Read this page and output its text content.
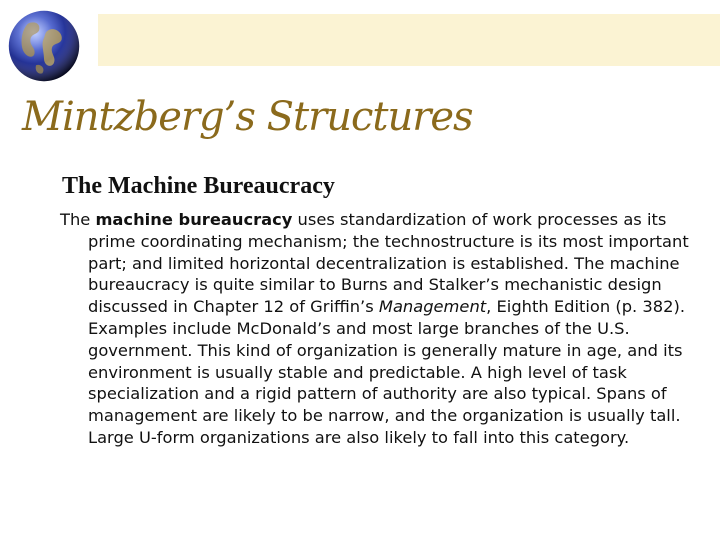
Mintzberg’s Structures
The Machine Bureaucracy

The machine bureaucracy uses standardization of work processes as its prime coordinating mechanism; the technostructure is its most important part; and limited horizontal decentralization is established. The machine bureaucracy is quite similar to Burns and Stalker’s mechanistic design discussed in Chapter 12 of Griffin’s Management, Eighth Edition (p. 382). Examples include McDonald’s and most large branches of the U.S. government. This kind of organization is generally mature in age, and its environment is usually stable and predictable. A high level of task specialization and a rigid pattern of authority are also typical. Spans of management are likely to be narrow, and the organization is usually tall. Large U-form organizations are also likely to fall into this category.
